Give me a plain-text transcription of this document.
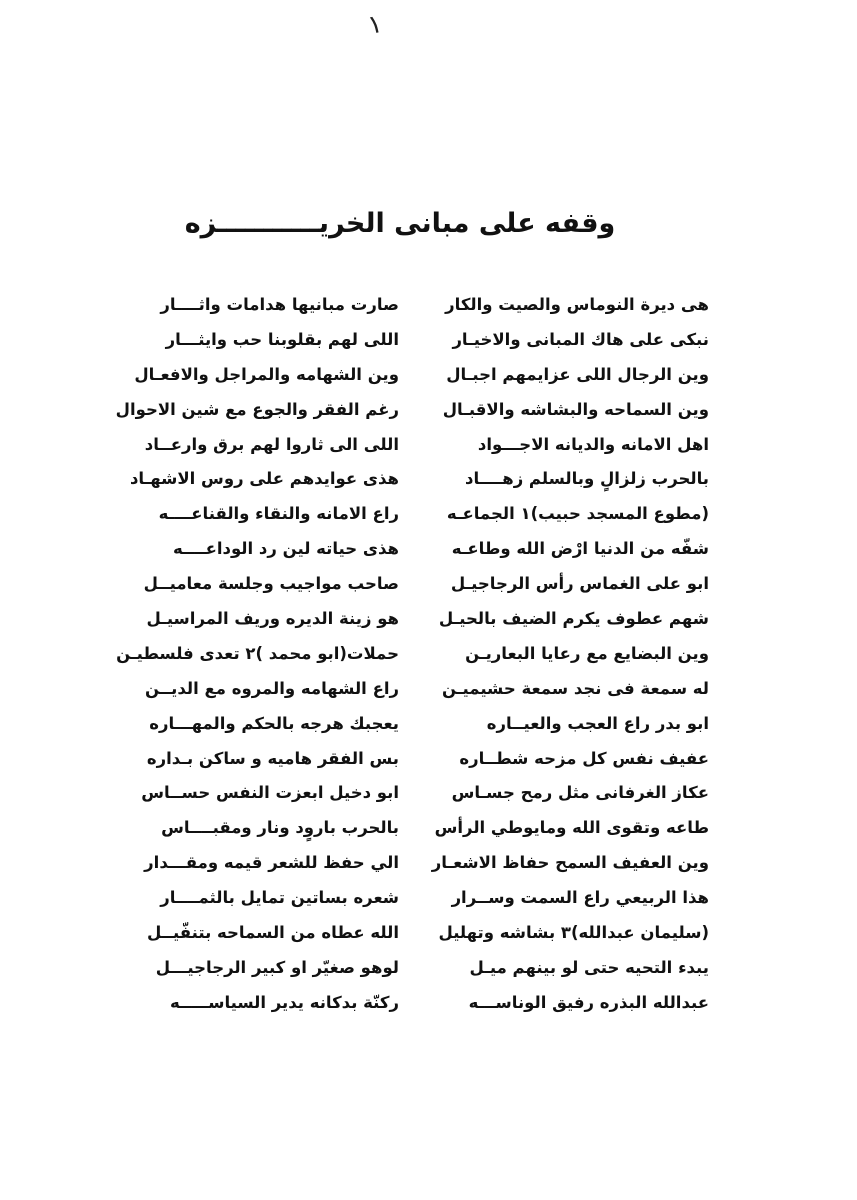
١
وقفه على مبانى الخريـــــــــــزه
هى ديرة النوماس والصيت والكار
نبكى على هاك المبانى والاخيـار
وين الرجال اللى عزايمهم اجبـال
وين السماحه والبشاشه والاقبـال
اهل الامانه والديانه الاجـــواد
بالحرب زلزالٍ وبالسلم زهــــاد
(مطوع المسجد حبيب)١ الجماعـه
شفّه من الدنيا ارْض الله وطاعـه
ابو على الغماس رأس الرجاجيـل
شهم عطوف يكرم الضيف بالحيـل
وين البضايع مع رعايا البعاريـن
له سمعة فى نجد سمعة حشيميـن
ابو بدر راع العجب والعيــاره
عفيف نفس كل مزحه شطــاره
عكاز الغرفانى مثل رمح جسـاس
طاعه وتقوى الله ومايوطي الرأس
وين العفيف السمح حفاظ الاشعـار
هذا الربيعي راع السمت وســرار
(سليمان عبدالله)٣ بشاشه وتهليل
يبدء التحيه حتى لو بينهم ميـل
عبدالله البذره رفيق الوناســـه
صارت مبانيها هدامات واثــــار
اللى لهم بقلوبنا حب وايثـــار
وين الشهامه والمراجل والافعـال
رغم الفقر والجوع مع شين الاحوال
اللى الى ثاروا لهم برق وارعــاد
هذى عوايدهم على روس الاشهـاد
راع الامانه والنقاء والقناعــــه
هذى حياته لين رد الوداعــــه
صاحب مواجيب وجلسة معاميــل
هو زينة الديره وريف المراسيـل
حملات(ابو محمد )٢ تعدى فلسطيـن
راع الشهامه والمروه مع الديــن
يعجبك هرجه بالحكم والمهـــاره
بس الفقر هاميه و ساكن بـداره
ابو دخيل ابعزت النفس حســاس
بالحرب باروٍد ونار ومقبــــاس
الي حفظ للشعر قيمه ومقـــدار
شعره بساتين تمايل بالثمــــار
الله عطاه من السماحه بتنفّيــل
لوهو صغيّر او كبير الرجاجيـــل
ركنّة بدكانه يدير السياســـــه
